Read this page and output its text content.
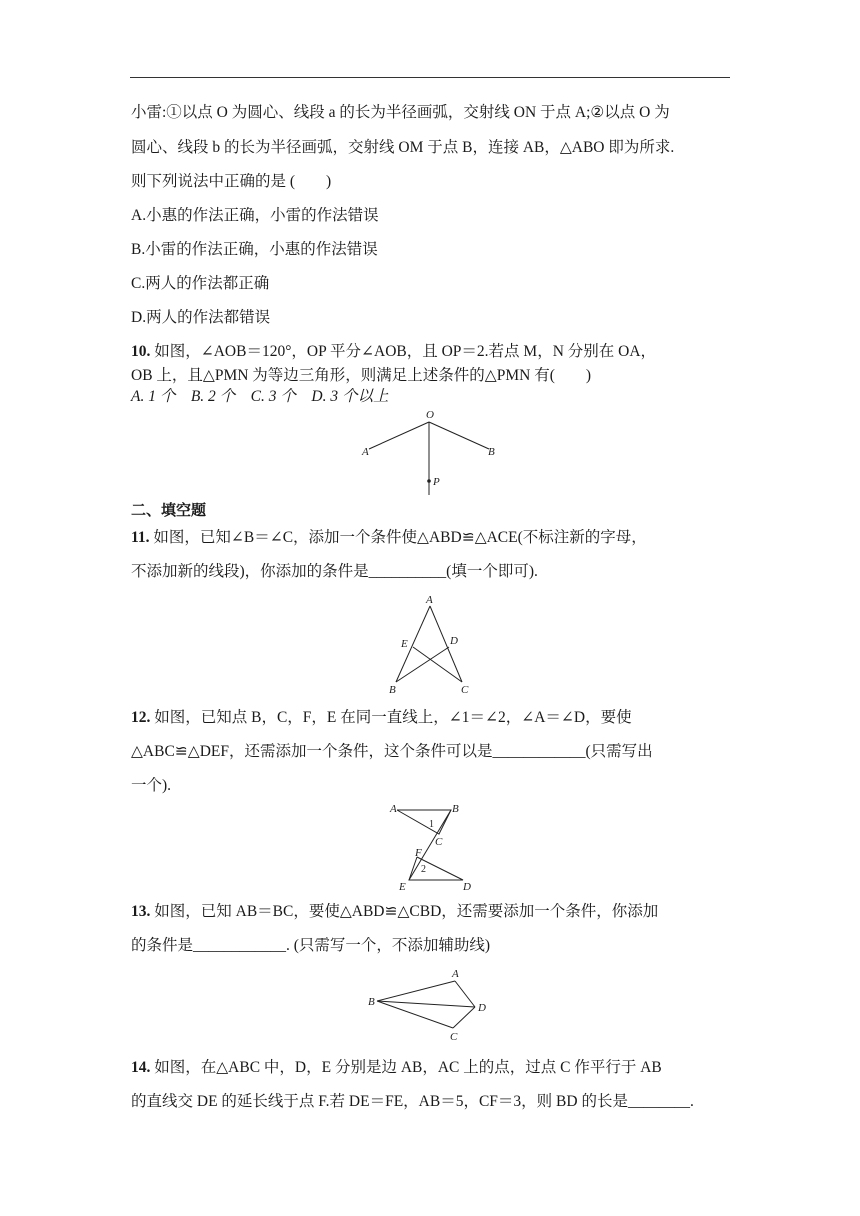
小雷:①以点 O 为圆心、线段 a 的长为半径画弧，交射线 ON 于点 A;②以点 O 为
圆心、线段 b 的长为半径画弧，交射线 OM 于点 B，连接 AB，△ABO 即为所求.
则下列说法中正确的是 (　　)
A.小惠的作法正确，小雷的作法错误
B.小雷的作法正确，小惠的作法错误
C.两人的作法都正确
D.两人的作法都错误
10. 如图，∠AOB＝120°，OP 平分∠AOB，且 OP＝2.若点 M，N 分别在 OA，
OB 上，且△PMN 为等边三角形，则满足上述条件的△PMN 有(　　)
A. 1 个　B. 2 个　C. 3 个　D. 3 个以上
O
A	B
P
二、填空题
11. 如图，已知∠B＝∠C，添加一个条件使△ABD≌△ACE(不标注新的字母，
不添加新的线段)，你添加的条件是__________(填一个即可).
A
B	C
D
E
12. 如图，已知点 B，C，F，E 在同一直线上，∠1＝∠2，∠A＝∠D，要使
△ABC≌△DEF，还需添加一个条件，这个条件可以是____________(只需写出
一个).
A	B
C
F
E	D
1
2
13. 如图，已知 AB＝BC，要使△ABD≌△CBD，还需要添加一个条件，你添加
的条件是____________. (只需写一个，不添加辅助线)
A
B
C
D
14. 如图，在△ABC 中，D，E 分别是边 AB，AC 上的点，过点 C 作平行于 AB
的直线交 DE 的延长线于点 F.若 DE＝FE，AB＝5，CF＝3，则 BD 的长是________.
